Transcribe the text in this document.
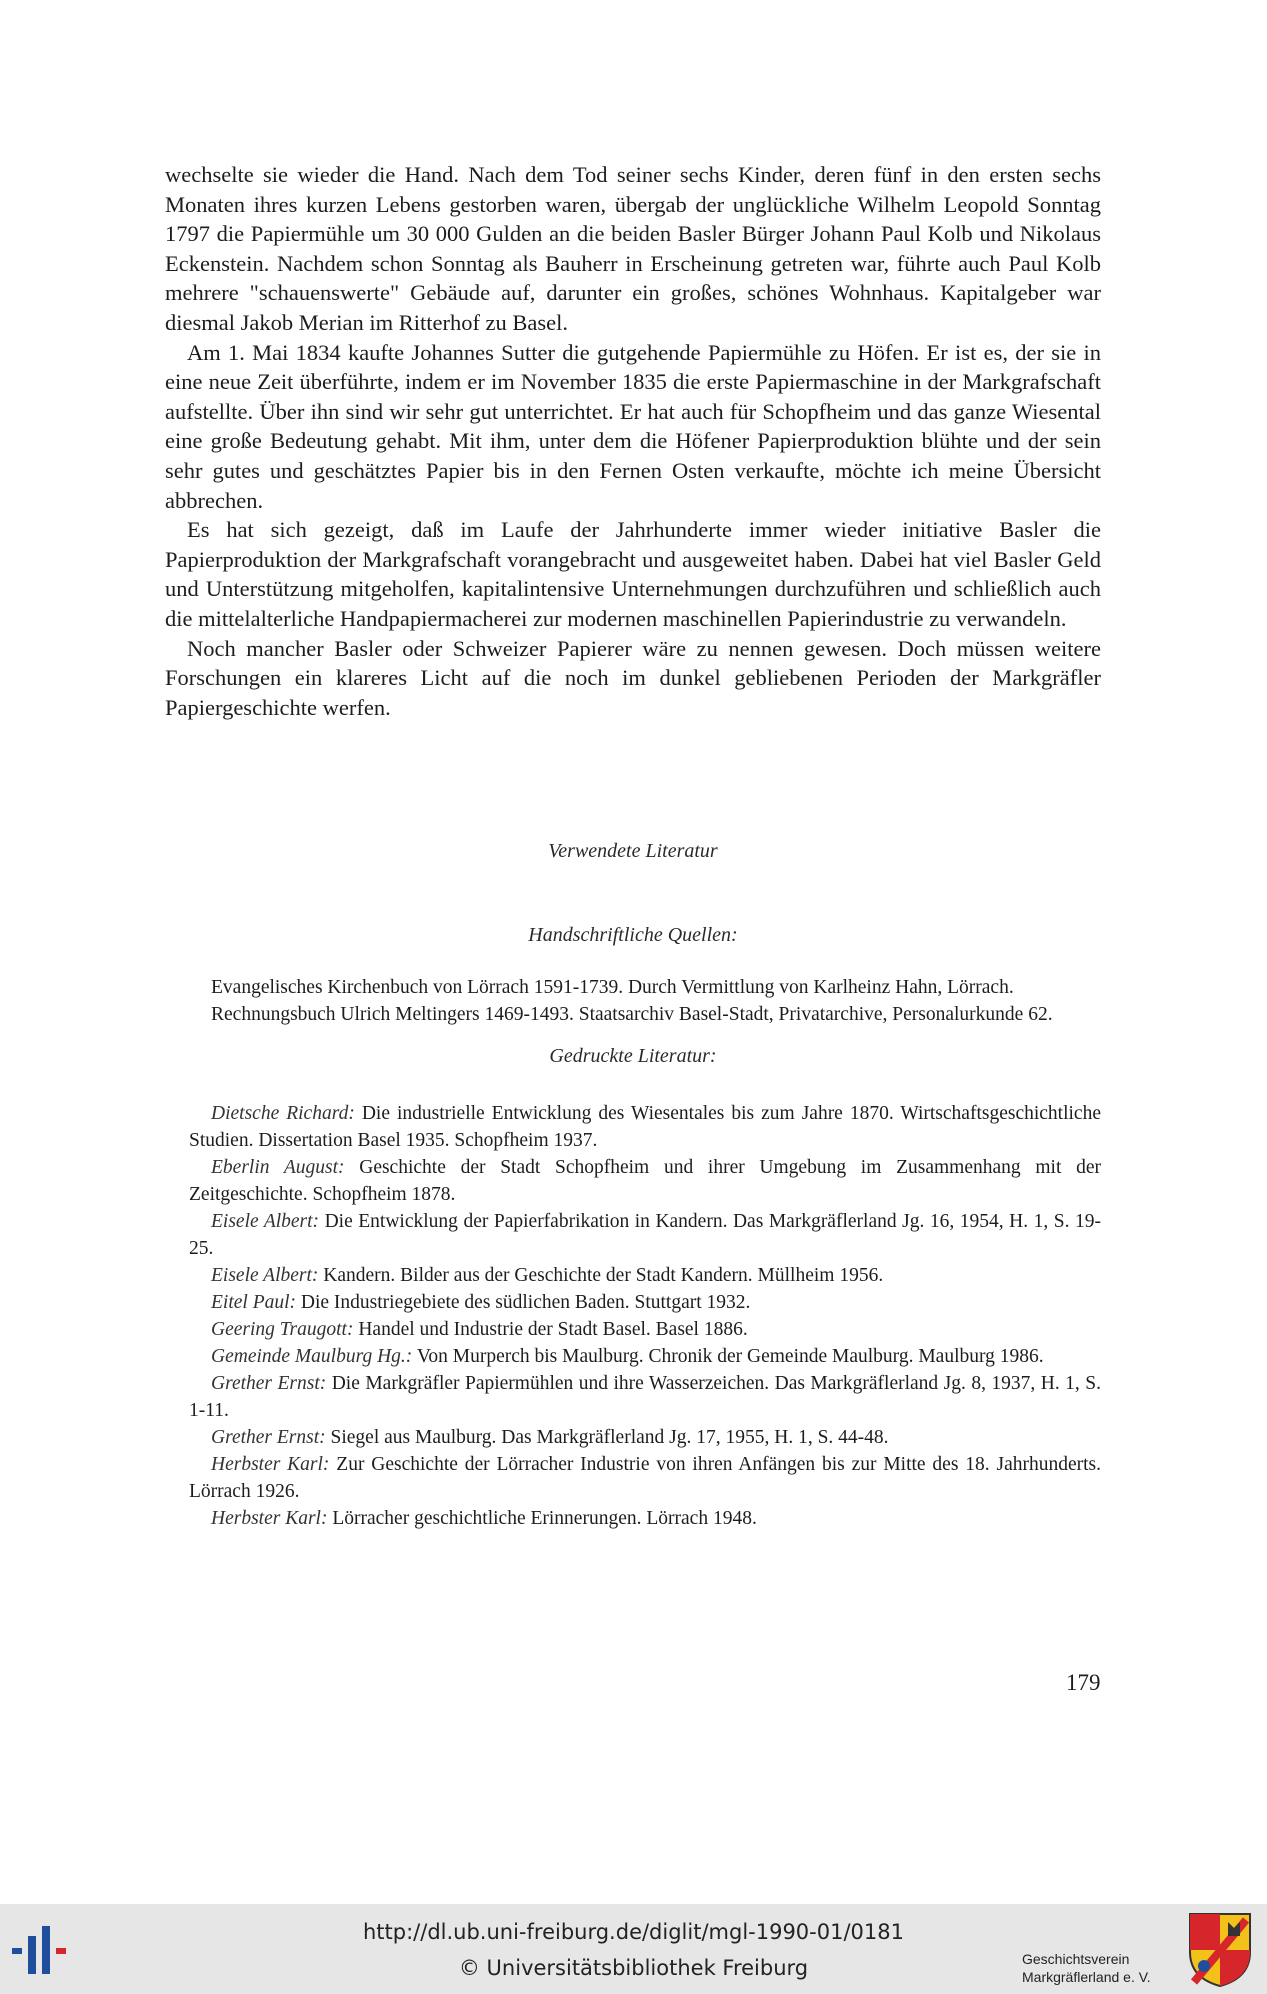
wechselte sie wieder die Hand. Nach dem Tod seiner sechs Kinder, deren fünf in den ersten sechs Monaten ihres kurzen Lebens gestorben waren, übergab der unglückliche Wilhelm Leopold Sonntag 1797 die Papiermühle um 30 000 Gulden an die beiden Basler Bürger Johann Paul Kolb und Nikolaus Eckenstein. Nachdem schon Sonntag als Bauherr in Erscheinung getreten war, führte auch Paul Kolb mehrere "schauenswerte" Gebäude auf, darunter ein großes, schönes Wohnhaus. Kapitalgeber war diesmal Jakob Merian im Ritterhof zu Basel.

Am 1. Mai 1834 kaufte Johannes Sutter die gutgehende Papiermühle zu Höfen. Er ist es, der sie in eine neue Zeit überführte, indem er im November 1835 die erste Papiermaschine in der Markgrafschaft aufstellte. Über ihn sind wir sehr gut unterrichtet. Er hat auch für Schopfheim und das ganze Wiesental eine große Bedeutung gehabt. Mit ihm, unter dem die Höfener Papierproduktion blühte und der sein sehr gutes und geschätztes Papier bis in den Fernen Osten verkaufte, möchte ich meine Übersicht abbrechen.

Es hat sich gezeigt, daß im Laufe der Jahrhunderte immer wieder initiative Basler die Papierproduktion der Markgrafschaft vorangebracht und ausgeweitet haben. Dabei hat viel Basler Geld und Unterstützung mitgeholfen, kapitalintensive Unternehmungen durchzuführen und schließlich auch die mittelalterliche Handpapiermacherei zur modernen maschinellen Papierindustrie zu verwandeln.

Noch mancher Basler oder Schweizer Papierer wäre zu nennen gewesen. Doch müssen weitere Forschungen ein klareres Licht auf die noch im dunkel gebliebenen Perioden der Markgräfler Papiergeschichte werfen.

Verwendete Literatur
Handschriftliche Quellen:

Evangelisches Kirchenbuch von Lörrach 1591-1739. Durch Vermittlung von Karlheinz Hahn, Lörrach.

Rechnungsbuch Ulrich Meltingers 1469-1493. Staatsarchiv Basel-Stadt, Privatarchive, Personalurkunde 62.

Gedruckte Literatur:

Dietsche Richard: Die industrielle Entwicklung des Wiesentales bis zum Jahre 1870. Wirtschaftsgeschichtliche Studien. Dissertation Basel 1935. Schopfheim 1937.

Eberlin August: Geschichte der Stadt Schopfheim und ihrer Umgebung im Zusammenhang mit der Zeitgeschichte. Schopfheim 1878.

Eisele Albert: Die Entwicklung der Papierfabrikation in Kandern. Das Markgräflerland Jg. 16, 1954, H. 1, S. 19-25.

Eisele Albert: Kandern. Bilder aus der Geschichte der Stadt Kandern. Müllheim 1956.

Eitel Paul: Die Industriegebiete des südlichen Baden. Stuttgart 1932.

Geering Traugott: Handel und Industrie der Stadt Basel. Basel 1886.

Gemeinde Maulburg Hg.: Von Murperch bis Maulburg. Chronik der Gemeinde Maulburg. Maulburg 1986.

Grether Ernst: Die Markgräfler Papiermühlen und ihre Wasserzeichen. Das Markgräflerland Jg. 8, 1937, H. 1, S. 1-11.

Grether Ernst: Siegel aus Maulburg. Das Markgräflerland Jg. 17, 1955, H. 1, S. 44-48.

Herbster Karl: Zur Geschichte der Lörracher Industrie von ihren Anfängen bis zur Mitte des 18. Jahrhunderts. Lörrach 1926.

Herbster Karl: Lörracher geschichtliche Erinnerungen. Lörrach 1948.

179
http://dl.ub.uni-freiburg.de/diglit/mgl-1990-01/0181
© Universitätsbibliothek Freiburg	Geschichtsverein
Markgräflerland e. V.
